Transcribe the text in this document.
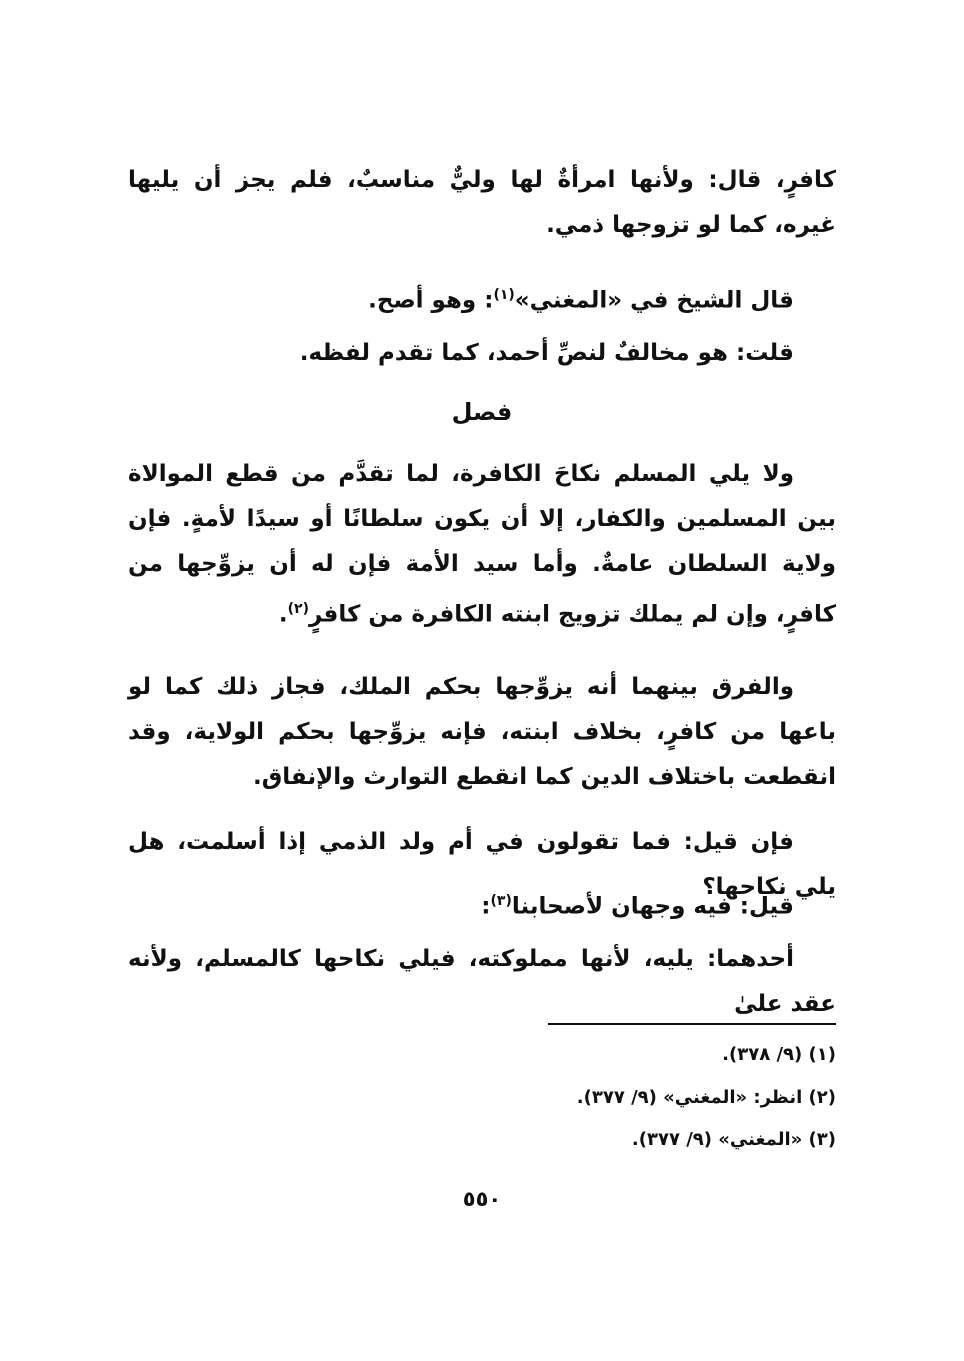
كافرٍ، قال: ولأنها امرأةٌ لها وليٌّ مناسبٌ، فلم يجز أن يليها غيره، كما لو تزوجها ذمي.

قال الشيخ في «المغني»$^{(١)}$: وهو أصح.

قلت: هو مخالفٌ لنصِّ أحمد، كما تقدم لفظه.

فصل

ولا يلي المسلم نكاحَ الكافرة، لما تقدَّم من قطع الموالاة بين المسلمين والكفار، إلا أن يكون سلطانًا أو سيدًا لأمةٍ. فإن ولاية السلطان عامةٌ. وأما سيد الأمة فإن له أن يزوِّجها من كافرٍ، وإن لم يملك تزويج ابنته الكافرة من كافرٍ$^{(٢)}$.

والفرق بينهما أنه يزوِّجها بحكم الملك، فجاز ذلك كما لو باعها من كافرٍ، بخلاف ابنته، فإنه يزوِّجها بحكم الولاية، وقد انقطعت باختلاف الدين كما انقطع التوارث والإنفاق.

فإن قيل: فما تقولون في أم ولد الذمي إذا أسلمت، هل يلي نكاحها؟

قيل: فيه وجهان لأصحابنا$^{(٣)}$:

أحدهما: يليه، لأنها مملوكته، فيلي نكاحها كالمسلم، ولأنه عقد علىٰ

(١) (٩/ ٣٧٨).

(٢) انظر: «المغني» (٩/ ٣٧٧).

(٣) «المغني» (٩/ ٣٧٧).

٥٥٠
